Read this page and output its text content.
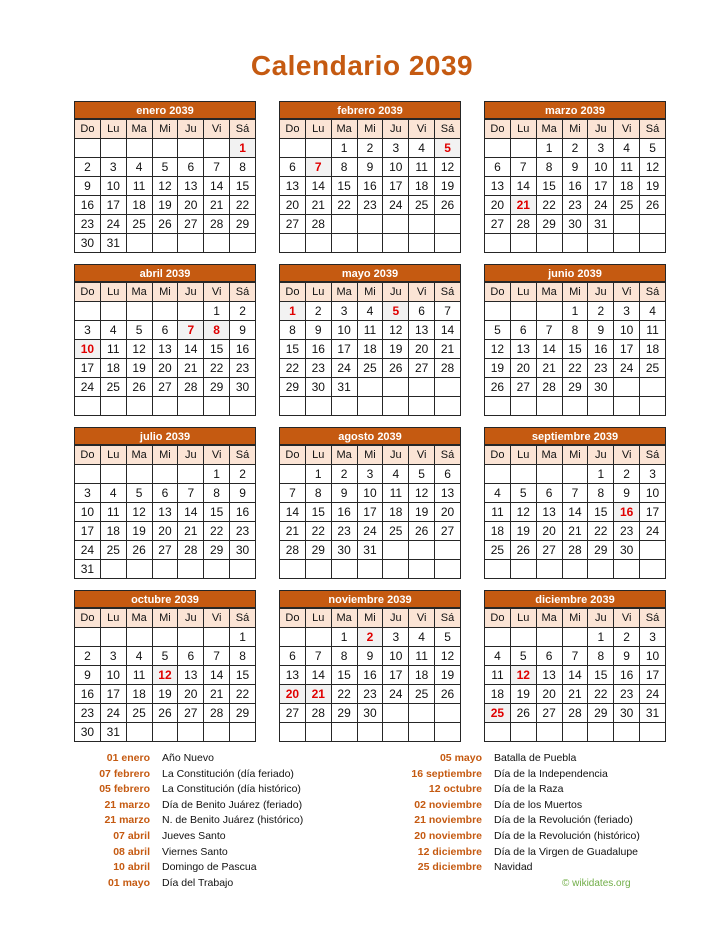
Calendario 2039
enero 2039
Do	Lu	Ma	Mi	Ju	Vi	Sá
						1
2	3	4	5	6	7	8
9	10	11	12	13	14	15
16	17	18	19	20	21	22
23	24	25	26	27	28	29
30	31					
febrero 2039
Do	Lu	Ma	Mi	Ju	Vi	Sá
		1	2	3	4	5
6	7	8	9	10	11	12
13	14	15	16	17	18	19
20	21	22	23	24	25	26
27	28					

marzo 2039
Do	Lu	Ma	Mi	Ju	Vi	Sá
		1	2	3	4	5
6	7	8	9	10	11	12
13	14	15	16	17	18	19
20	21	22	23	24	25	26
27	28	29	30	31		

abril 2039
Do	Lu	Ma	Mi	Ju	Vi	Sá
					1	2
3	4	5	6	7	8	9
10	11	12	13	14	15	16
17	18	19	20	21	22	23
24	25	26	27	28	29	30

mayo 2039
Do	Lu	Ma	Mi	Ju	Vi	Sá
1	2	3	4	5	6	7
8	9	10	11	12	13	14
15	16	17	18	19	20	21
22	23	24	25	26	27	28
29	30	31				

junio 2039
Do	Lu	Ma	Mi	Ju	Vi	Sá
			1	2	3	4
5	6	7	8	9	10	11
12	13	14	15	16	17	18
19	20	21	22	23	24	25
26	27	28	29	30		

julio 2039
Do	Lu	Ma	Mi	Ju	Vi	Sá
					1	2
3	4	5	6	7	8	9
10	11	12	13	14	15	16
17	18	19	20	21	22	23
24	25	26	27	28	29	30
31						
agosto 2039
Do	Lu	Ma	Mi	Ju	Vi	Sá
	1	2	3	4	5	6
7	8	9	10	11	12	13
14	15	16	17	18	19	20
21	22	23	24	25	26	27
28	29	30	31			

septiembre 2039
Do	Lu	Ma	Mi	Ju	Vi	Sá
				1	2	3
4	5	6	7	8	9	10
11	12	13	14	15	16	17
18	19	20	21	22	23	24
25	26	27	28	29	30	

octubre 2039
Do	Lu	Ma	Mi	Ju	Vi	Sá
						1
2	3	4	5	6	7	8
9	10	11	12	13	14	15
16	17	18	19	20	21	22
23	24	25	26	27	28	29
30	31					
noviembre 2039
Do	Lu	Ma	Mi	Ju	Vi	Sá
		1	2	3	4	5
6	7	8	9	10	11	12
13	14	15	16	17	18	19
20	21	22	23	24	25	26
27	28	29	30			

diciembre 2039
Do	Lu	Ma	Mi	Ju	Vi	Sá
				1	2	3
4	5	6	7	8	9	10
11	12	13	14	15	16	17
18	19	20	21	22	23	24
25	26	27	28	29	30	31

01 enero Año Nuevo
07 febrero La Constitución (día feriado)
05 febrero La Constitución (día histórico)
21 marzo Día de Benito Juárez (feriado)
21 marzo N. de Benito Juárez (histórico)
07 abril Jueves Santo
08 abril Viernes Santo
10 abril Domingo de Pascua
01 mayo Día del Trabajo
05 mayo Batalla de Puebla
16 septiembre Día de la Independencia
12 octubre Día de la Raza
02 noviembre Día de los Muertos
21 noviembre Día de la Revolución (feriado)
20 noviembre Día de la Revolución (histórico)
12 diciembre Día de la Virgen de Guadalupe
25 diciembre Navidad
© wikidates.org
